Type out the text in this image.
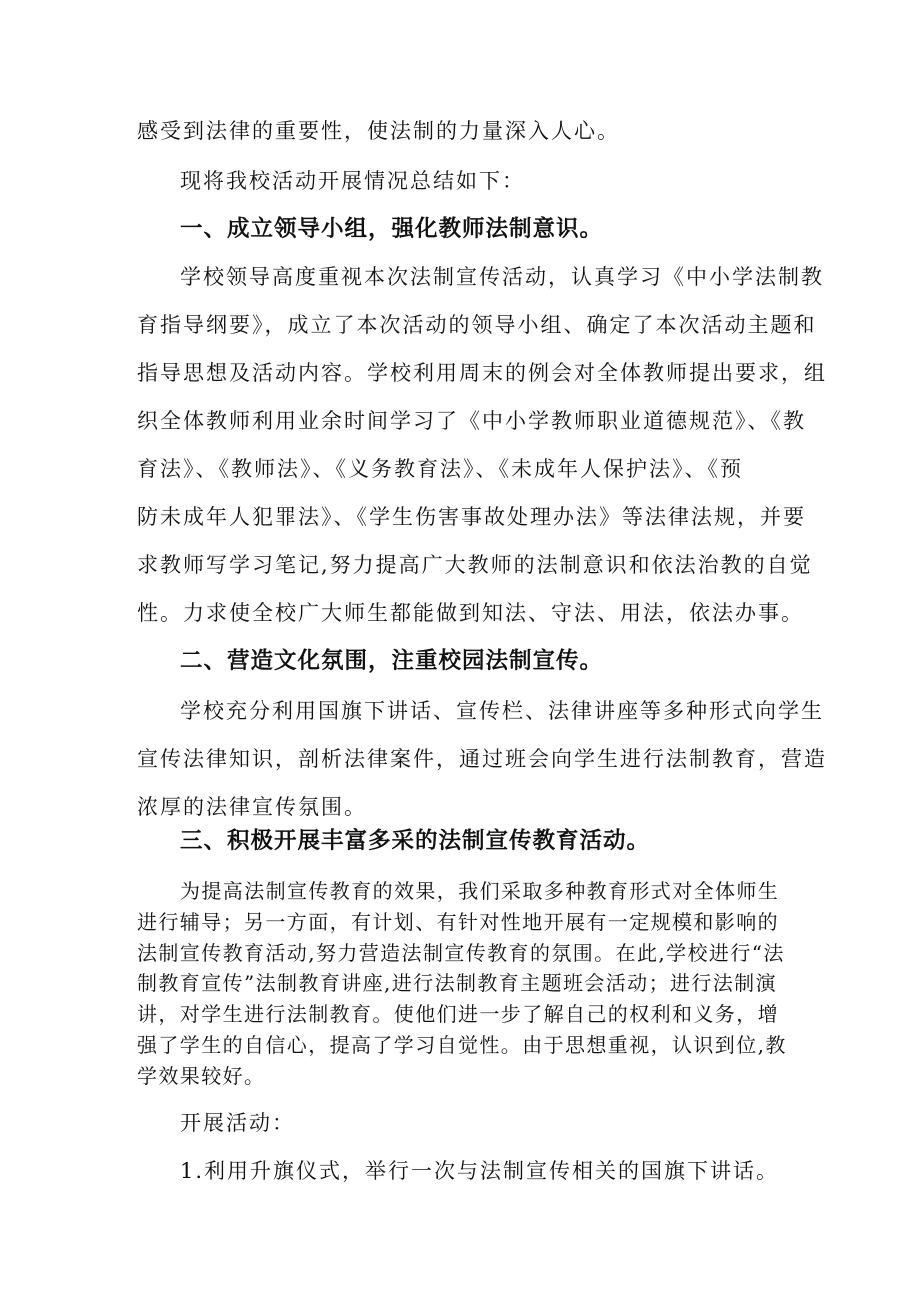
感受到法律的重要性，使法制的力量深入人心。
现将我校活动开展情况总结如下：
一、成立领导小组，强化教师法制意识。
学校领导高度重视本次法制宣传活动，认真学习《中小学法制教
育指导纲要》，成立了本次活动的领导小组、确定了本次活动主题和
指导思想及活动内容。学校利用周末的例会对全体教师提出要求，组
织全体教师利用业余时间学习了《中小学教师职业道德规范》、《教
育法》、《教师法》、《义务教育法》、《未成年人保护法》、《预
防未成年人犯罪法》、《学生伤害事故处理办法》等法律法规，并要
求教师写学习笔记,努力提高广大教师的法制意识和依法治教的自觉
性。力求使全校广大师生都能做到知法、守法、用法，依法办事。
二、营造文化氛围，注重校园法制宣传。
学校充分利用国旗下讲话、宣传栏、法律讲座等多种形式向学生
宣传法律知识，剖析法律案件，通过班会向学生进行法制教育，营造
浓厚的法律宣传氛围。
三、积极开展丰富多采的法制宣传教育活动。
为提高法制宣传教育的效果，我们采取多种教育形式对全体师生
进行辅导；另一方面，有计划、有针对性地开展有一定规模和影响的
法制宣传教育活动,努力营造法制宣传教育的氛围。在此,学校进行“法
制教育宣传”法制教育讲座,进行法制教育主题班会活动；进行法制演
讲，对学生进行法制教育。使他们进一步了解自己的权利和义务，增
强了学生的自信心，提高了学习自觉性。由于思想重视，认识到位,教
学效果较好。
开展活动：
1.利用升旗仪式，举行一次与法制宣传相关的国旗下讲话。
